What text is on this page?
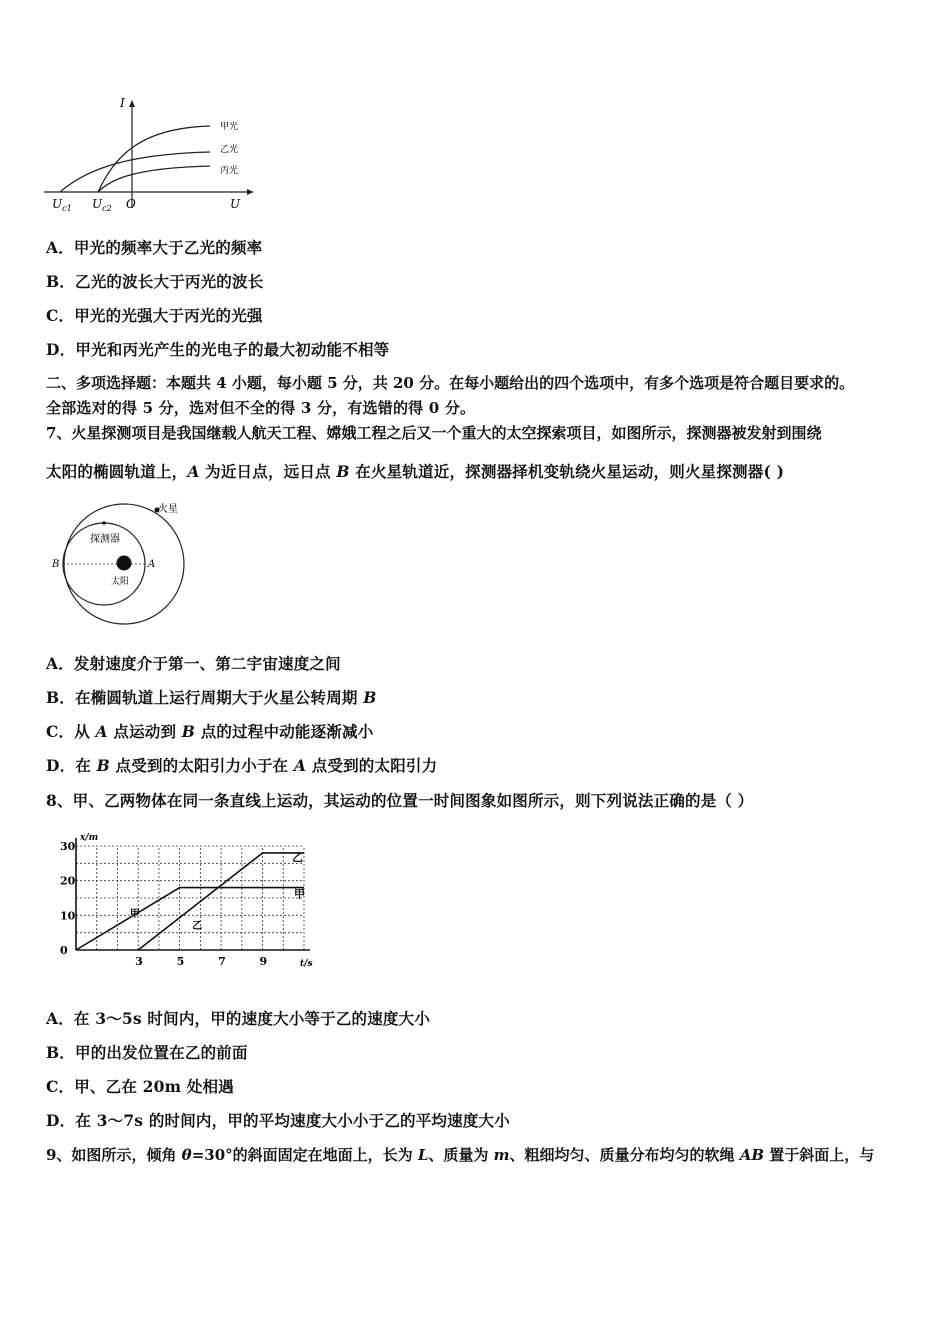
I
U
O
$U_{c1}$ $U_{c2}$
甲光
乙光
丙光
A．甲光的频率大于乙光的频率
B．乙光的波长大于丙光的波长
C．甲光的光强大于丙光的光强
D．甲光和丙光产生的光电子的最大初动能不相等
二、多项选择题：本题共 4 小题，每小题 5 分，共 20 分。在每小题给出的四个选项中，有多个选项是符合题目要求的。
全部选对的得 5 分，选对但不全的得 3 分，有选错的得 0 分。
7、火星探测项目是我国继载人航天工程、嫦娥工程之后又一个重大的太空探索项目，如图所示，探测器被发射到围绕
太阳的椭圆轨道上，A 为近日点，远日点 B 在火星轨道近，探测器择机变轨绕火星运动，则火星探测器( )
火星
探测器
太阳
A
B
A．发射速度介于第一、第二宇宙速度之间
B．在椭圆轨道上运行周期大于火星公转周期 B
C．从 A 点运动到 B 点的过程中动能逐渐减小
D．在 B 点受到的太阳引力小于在 A 点受到的太阳引力
8、甲、乙两物体在同一条直线上运动，其运动的位置一时间图象如图所示，则下列说法正确的是（ ）
t/s
x/m
3	5	7	9
0
10
20
30
甲
乙
甲
乙
A．在 3～5s 时间内，甲的速度大小等于乙的速度大小
B．甲的出发位置在乙的前面
C．甲、乙在 20m 处相遇
D．在 3～7s 的时间内，甲的平均速度大小小于乙的平均速度大小
9、如图所示，倾角 θ=30°的斜面固定在地面上，长为 L、质量为 m、粗细均匀、质量分布均匀的软绳 AB 置于斜面上，与
